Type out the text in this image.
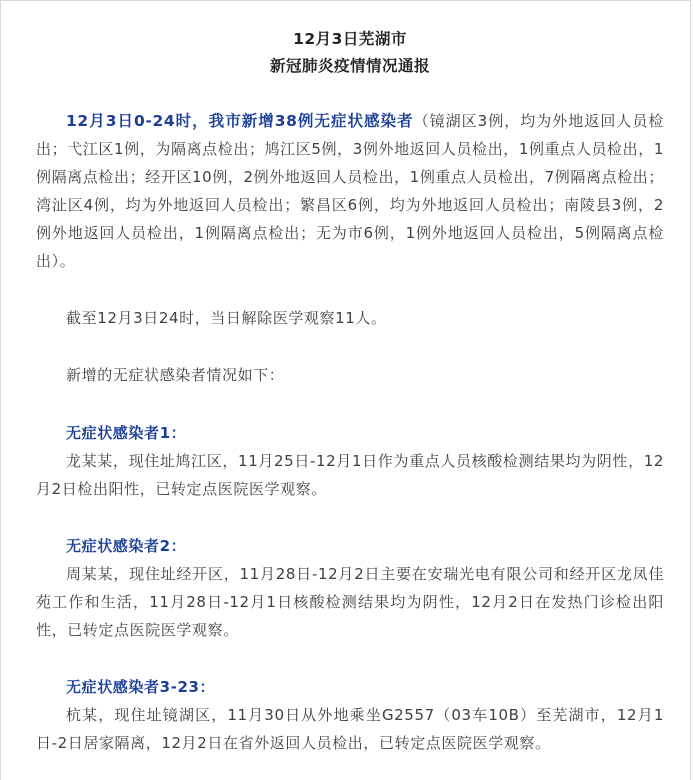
12月3日芜湖市
新冠肺炎疫情情况通报

12月3日0-24时，我市新增38例无症状感染者（镜湖区3例，均为外地返回人员检出；弋江区1例，为隔离点检出；鸠江区5例，3例外地返回人员检出，1例重点人员检出，1例隔离点检出；经开区10例，2例外地返回人员检出，1例重点人员检出，7例隔离点检出；湾沚区4例，均为外地返回人员检出；繁昌区6例，均为外地返回人员检出；南陵县3例，2例外地返回人员检出，1例隔离点检出；无为市6例，1例外地返回人员检出，5例隔离点检出）。

截至12月3日24时，当日解除医学观察11人。

新增的无症状感染者情况如下：

无症状感染者1：

龙某某，现住址鸠江区，11月25日-12月1日作为重点人员核酸检测结果均为阴性，12月2日检出阳性，已转定点医院医学观察。

无症状感染者2：

周某某，现住址经开区，11月28日-12月2日主要在安瑞光电有限公司和经开区龙凤佳苑工作和生活，11月28日-12月1日核酸检测结果均为阴性，12月2日在发热门诊检出阳性，已转定点医院医学观察。

无症状感染者3-23：

杭某，现住址镜湖区，11月30日从外地乘坐G2557（03车10B）至芜湖市，12月1日-2日居家隔离，12月2日在省外返回人员检出，已转定点医院医学观察。
